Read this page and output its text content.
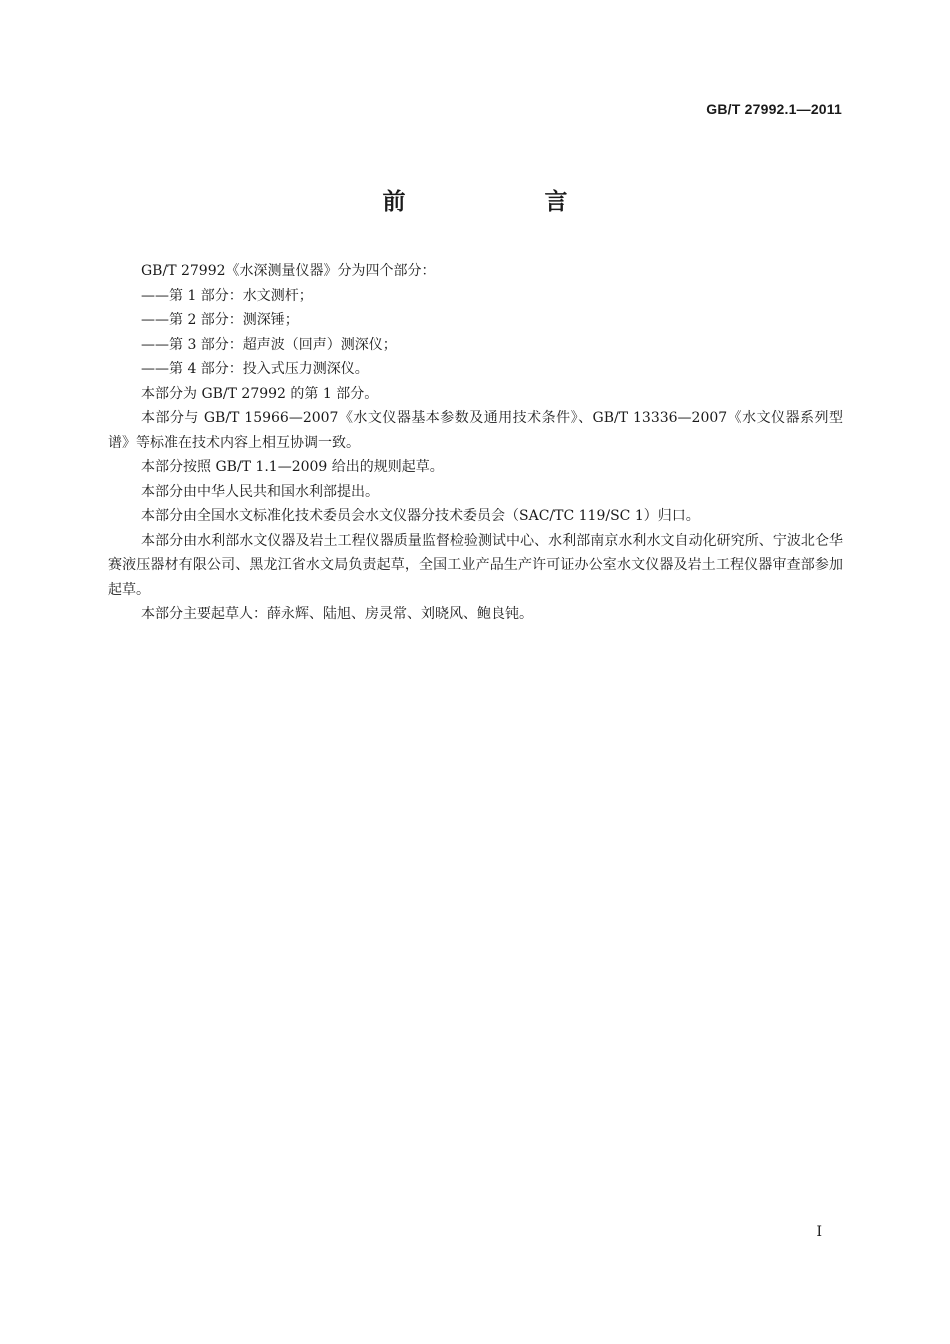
GB/T 27992.1—2011
前　言

GB/T 27992《水深测量仪器》分为四个部分：

——第 1 部分：水文测杆；

——第 2 部分：测深锤；

——第 3 部分：超声波（回声）测深仪；

——第 4 部分：投入式压力测深仪。

本部分为 GB/T 27992 的第 1 部分。

本部分与 GB/T 15966—2007《水文仪器基本参数及通用技术条件》、GB/T 13336—2007《水文仪器系列型谱》等标准在技术内容上相互协调一致。

本部分按照 GB/T 1.1—2009 给出的规则起草。

本部分由中华人民共和国水利部提出。

本部分由全国水文标准化技术委员会水文仪器分技术委员会（SAC/TC 119/SC 1）归口。

本部分由水利部水文仪器及岩土工程仪器质量监督检验测试中心、水利部南京水利水文自动化研究所、宁波北仑华赛液压器材有限公司、黑龙江省水文局负责起草，全国工业产品生产许可证办公室水文仪器及岩土工程仪器审查部参加起草。

本部分主要起草人：薛永辉、陆旭、房灵常、刘晓风、鲍良钝。

I
